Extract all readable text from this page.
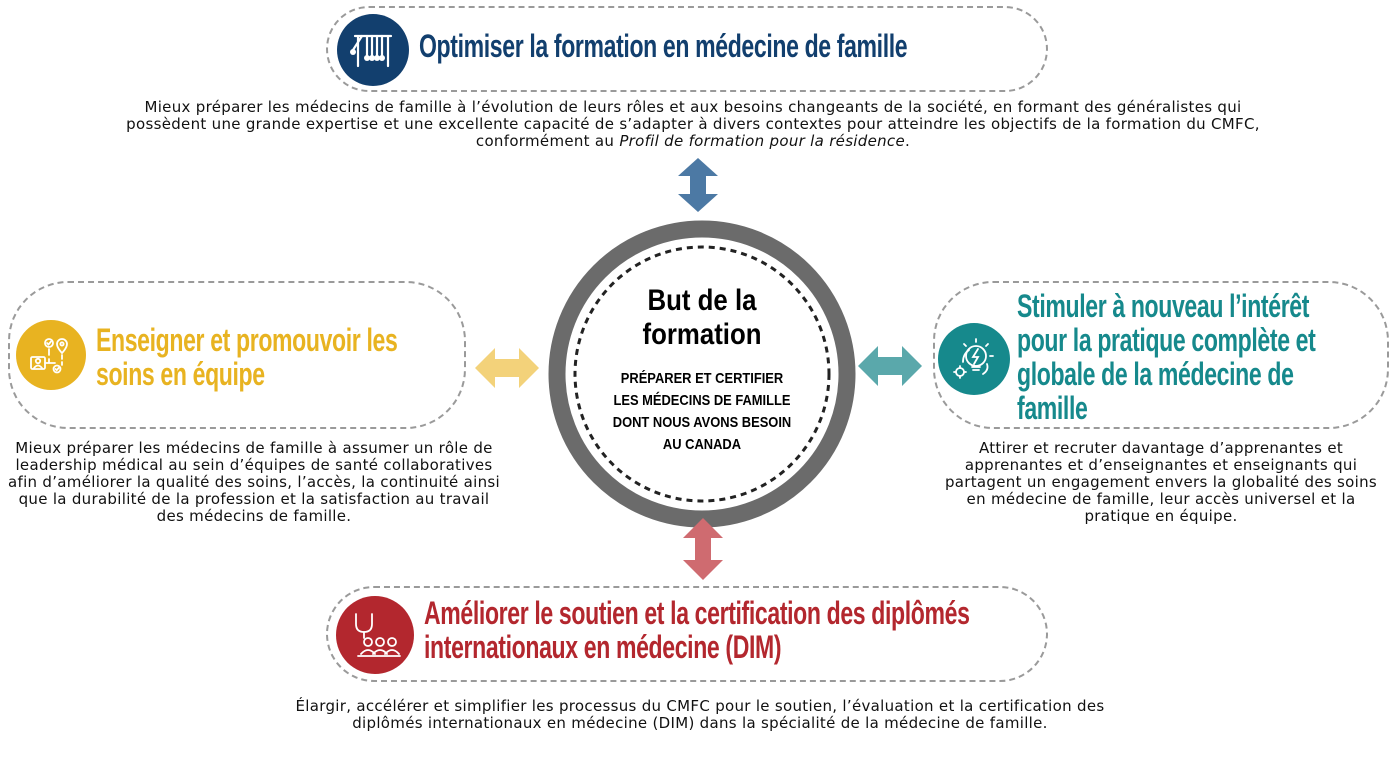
Optimiser la formation en médecine de famille
Mieux préparer les médecins de famille à l’évolution de leurs rôles et aux besoins changeants de la société, en formant des généralistes qui possèdent une grande expertise et une excellente capacité de s’adapter à divers contextes pour atteindre les objectifs de la formation du CMFC, conformément au Profil de formation pour la résidence.
But de la formation
PRÉPARER ET CERTIFIER LES MÉDECINS DE FAMILLE DONT NOUS AVONS BESOIN AU CANADA
Enseigner et promouvoir les soins en équipe
Mieux préparer les médecins de famille à assumer un rôle de leadership médical au sein d’équipes de santé collaboratives afin d’améliorer la qualité des soins, l’accès, la continuité ainsi que la durabilité de la profession et la satisfaction au travail des médecins de famille.
Stimuler à nouveau l’intérêt pour la pratique complète et globale de la médecine de famille
Attirer et recruter davantage d’apprenantes et apprenantes et d’enseignantes et enseignants qui partagent un engagement envers la globalité des soins en médecine de famille, leur accès universel et la pratique en équipe.
Améliorer le soutien et la certification des diplômés internationaux en médecine (DIM)
Élargir, accélérer et simplifier les processus du CMFC pour le soutien, l’évaluation et la certification des diplômés internationaux en médecine (DIM) dans la spécialité de la médecine de famille.
